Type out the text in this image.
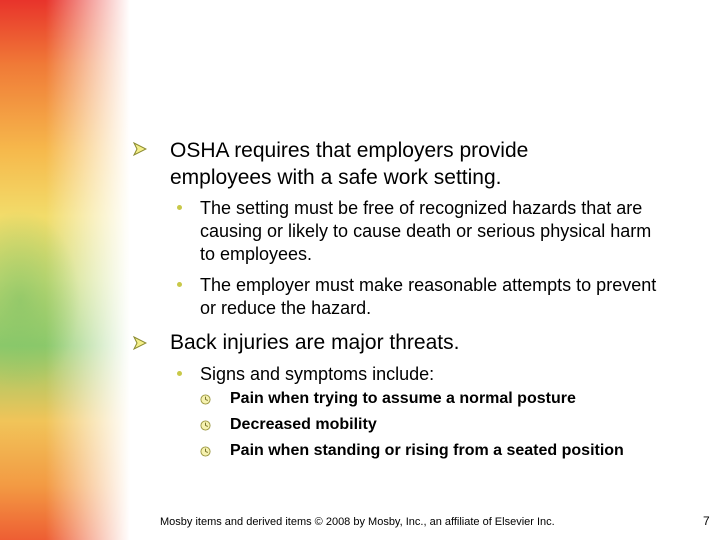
OSHA requires that employers provide employees with a safe work setting.

The setting must be free of recognized hazards that are causing or likely to cause death or serious physical harm to employees.

The employer must make reasonable attempts to prevent or reduce the hazard.

Back injuries are major threats.

Signs and symptoms include:

Pain when trying to assume a normal posture

Decreased mobility

Pain when standing or rising from a seated position

Mosby items and derived items © 2008 by Mosby, Inc., an affiliate of Elsevier Inc.	7
